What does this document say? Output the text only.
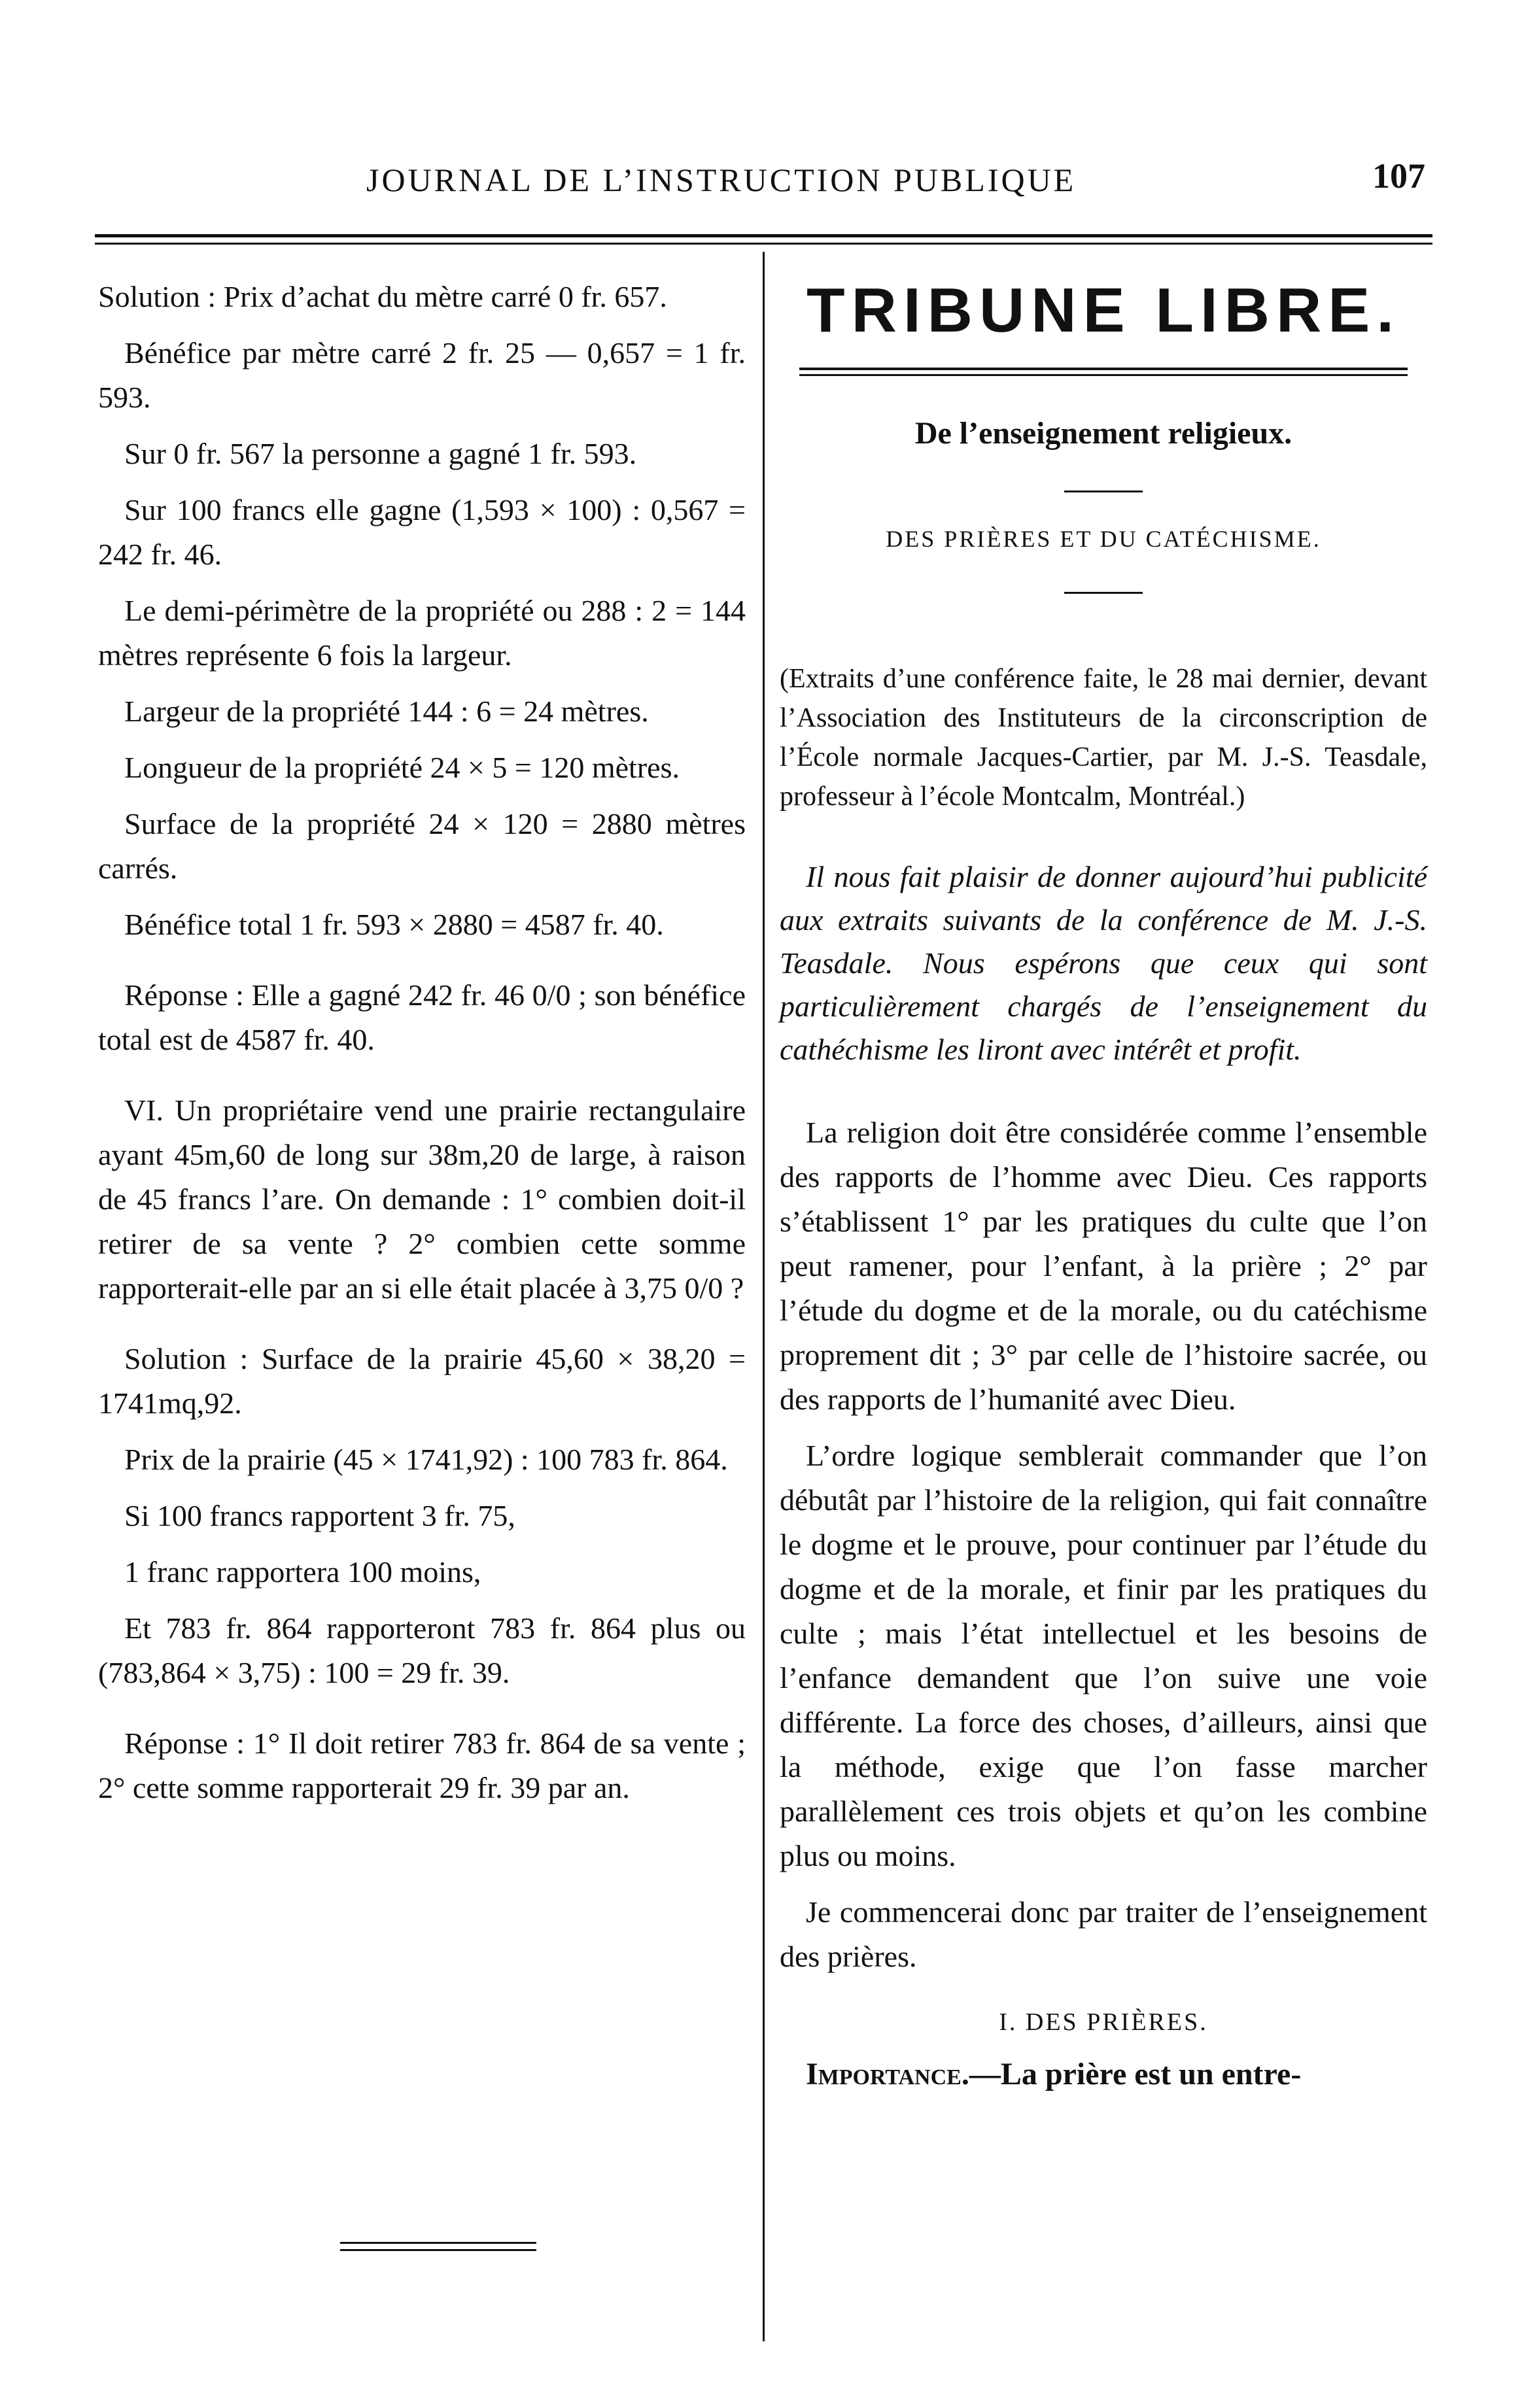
JOURNAL DE L’INSTRUCTION PUBLIQUE	107

Solution : Prix d’achat du mètre carré 0 fr. 657.

Bénéfice par mètre carré 2 fr. 25 — 0,657 = 1 fr. 593.

Sur 0 fr. 567 la personne a gagné 1 fr. 593.

Sur 100 francs elle gagne (1,593 × 100) : 0,567 = 242 fr. 46.

Le demi-périmètre de la propriété ou 288 : 2 = 144 mètres représente 6 fois la largeur.

Largeur de la propriété 144 : 6 = 24 mètres.

Longueur de la propriété 24 × 5 = 120 mètres.

Surface de la propriété 24 × 120 = 2880 mètres carrés.

Bénéfice total 1 fr. 593 × 2880 = 4587 fr. 40.

Réponse : Elle a gagné 242 fr. 46 0/0 ; son bénéfice total est de 4587 fr. 40.

VI. Un propriétaire vend une prairie rectangulaire ayant 45m,60 de long sur 38m,20 de large, à raison de 45 francs l’are. On demande : 1° combien doit-il retirer de sa vente ? 2° combien cette somme rapporterait-elle par an si elle était placée à 3,75 0/0 ?

Solution : Surface de la prairie 45,60 × 38,20 = 1741mq,92.

Prix de la prairie (45 × 1741,92) : 100 783 fr. 864.

Si 100 francs rapportent 3 fr. 75,

1 franc rapportera 100 moins,

Et 783 fr. 864 rapporteront 783 fr. 864 plus ou (783,864 × 3,75) : 100 = 29 fr. 39.

Réponse : 1° Il doit retirer 783 fr. 864 de sa vente ; 2° cette somme rapporterait 29 fr. 39 par an.

TRIBUNE LIBRE.
De l’enseignement religieux.

DES PRIÈRES ET DU CATÉCHISME.

(Extraits d’une conférence faite, le 28 mai dernier, devant l’Association des Instituteurs de la circonscription de l’École normale Jacques-Cartier, par M. J.-S. Teasdale, professeur à l’école Montcalm, Montréal.)

Il nous fait plaisir de donner aujourd’hui publicité aux extraits suivants de la conférence de M. J.-S. Teasdale. Nous espérons que ceux qui sont particulièrement chargés de l’enseignement du cathéchisme les liront avec intérêt et profit.

La religion doit être considérée comme l’ensemble des rapports de l’homme avec Dieu. Ces rapports s’établissent 1° par les pratiques du culte que l’on peut ramener, pour l’enfant, à la prière ; 2° par l’étude du dogme et de la morale, ou du catéchisme proprement dit ; 3° par celle de l’histoire sacrée, ou des rapports de l’humanité avec Dieu.

L’ordre logique semblerait commander que l’on débutât par l’histoire de la religion, qui fait connaître le dogme et le prouve, pour continuer par l’étude du dogme et de la morale, et finir par les pratiques du culte ; mais l’état intellectuel et les besoins de l’enfance demandent que l’on suive une voie différente. La force des choses, d’ailleurs, ainsi que la méthode, exige que l’on fasse marcher parallèlement ces trois objets et qu’on les combine plus ou moins.

Je commencerai donc par traiter de l’enseignement des prières.

I. DES PRIÈRES.

Importance.—La prière est un entre-
